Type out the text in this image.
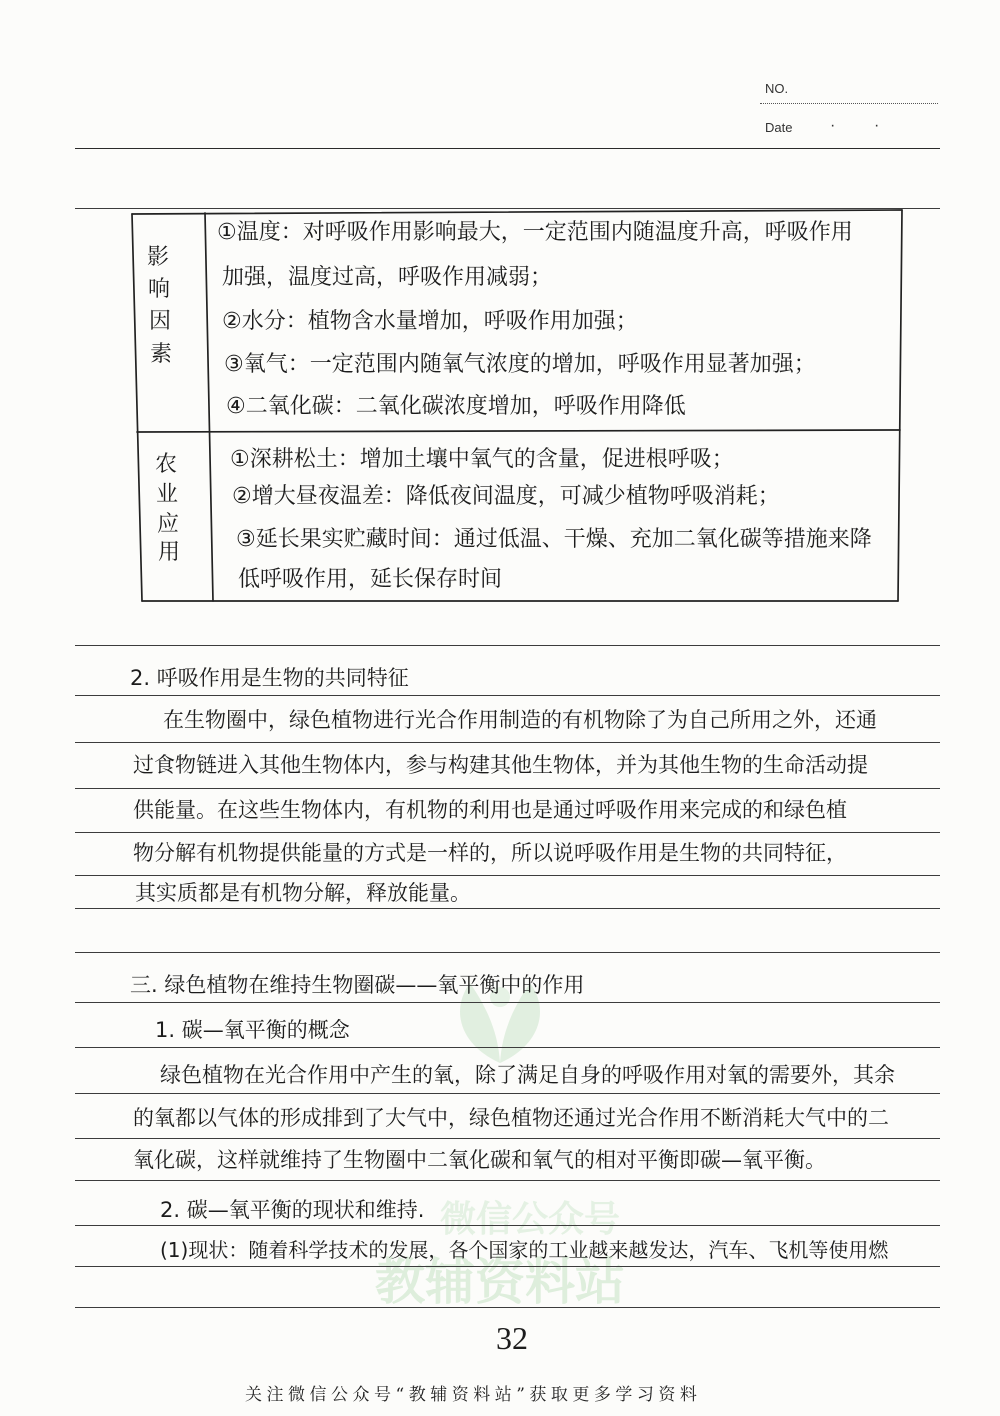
微信公众号
教辅资料站
NO.
Date · ·
影
响
因
素
①温度：对呼吸作用影响最大，一定范围内随温度升高，呼吸作用
加强，温度过高，呼吸作用减弱；
②水分：植物含水量增加，呼吸作用加强；
③氧气：一定范围内随氧气浓度的增加，呼吸作用显著加强；
④二氧化碳：二氧化碳浓度增加，呼吸作用降低
农
业
应
用
①深耕松土：增加土壤中氧气的含量，促进根呼吸；
②增大昼夜温差：降低夜间温度，可减少植物呼吸消耗；
③延长果实贮藏时间：通过低温、干燥、充加二氧化碳等措施来降
低呼吸作用，延长保存时间
2. 呼吸作用是生物的共同特征
在生物圈中，绿色植物进行光合作用制造的有机物除了为自己所用之外，还通
过食物链进入其他生物体内，参与构建其他生物体，并为其他生物的生命活动提
供能量。在这些生物体内，有机物的利用也是通过呼吸作用来完成的和绿色植
物分解有机物提供能量的方式是一样的，所以说呼吸作用是生物的共同特征，
其实质都是有机物分解，释放能量。
三. 绿色植物在维持生物圈碳——氧平衡中的作用
1. 碳—氧平衡的概念
绿色植物在光合作用中产生的氧，除了满足自身的呼吸作用对氧的需要外，其余
的氧都以气体的形成排到了大气中，绿色植物还通过光合作用不断消耗大气中的二
氧化碳，这样就维持了生物圈中二氧化碳和氧气的相对平衡即碳—氧平衡。
2. 碳—氧平衡的现状和维持.
(1)现状：随着科学技术的发展，各个国家的工业越来越发达，汽车、飞机等使用燃
32
关注微信公众号“教辅资料站”获取更多学习资料
